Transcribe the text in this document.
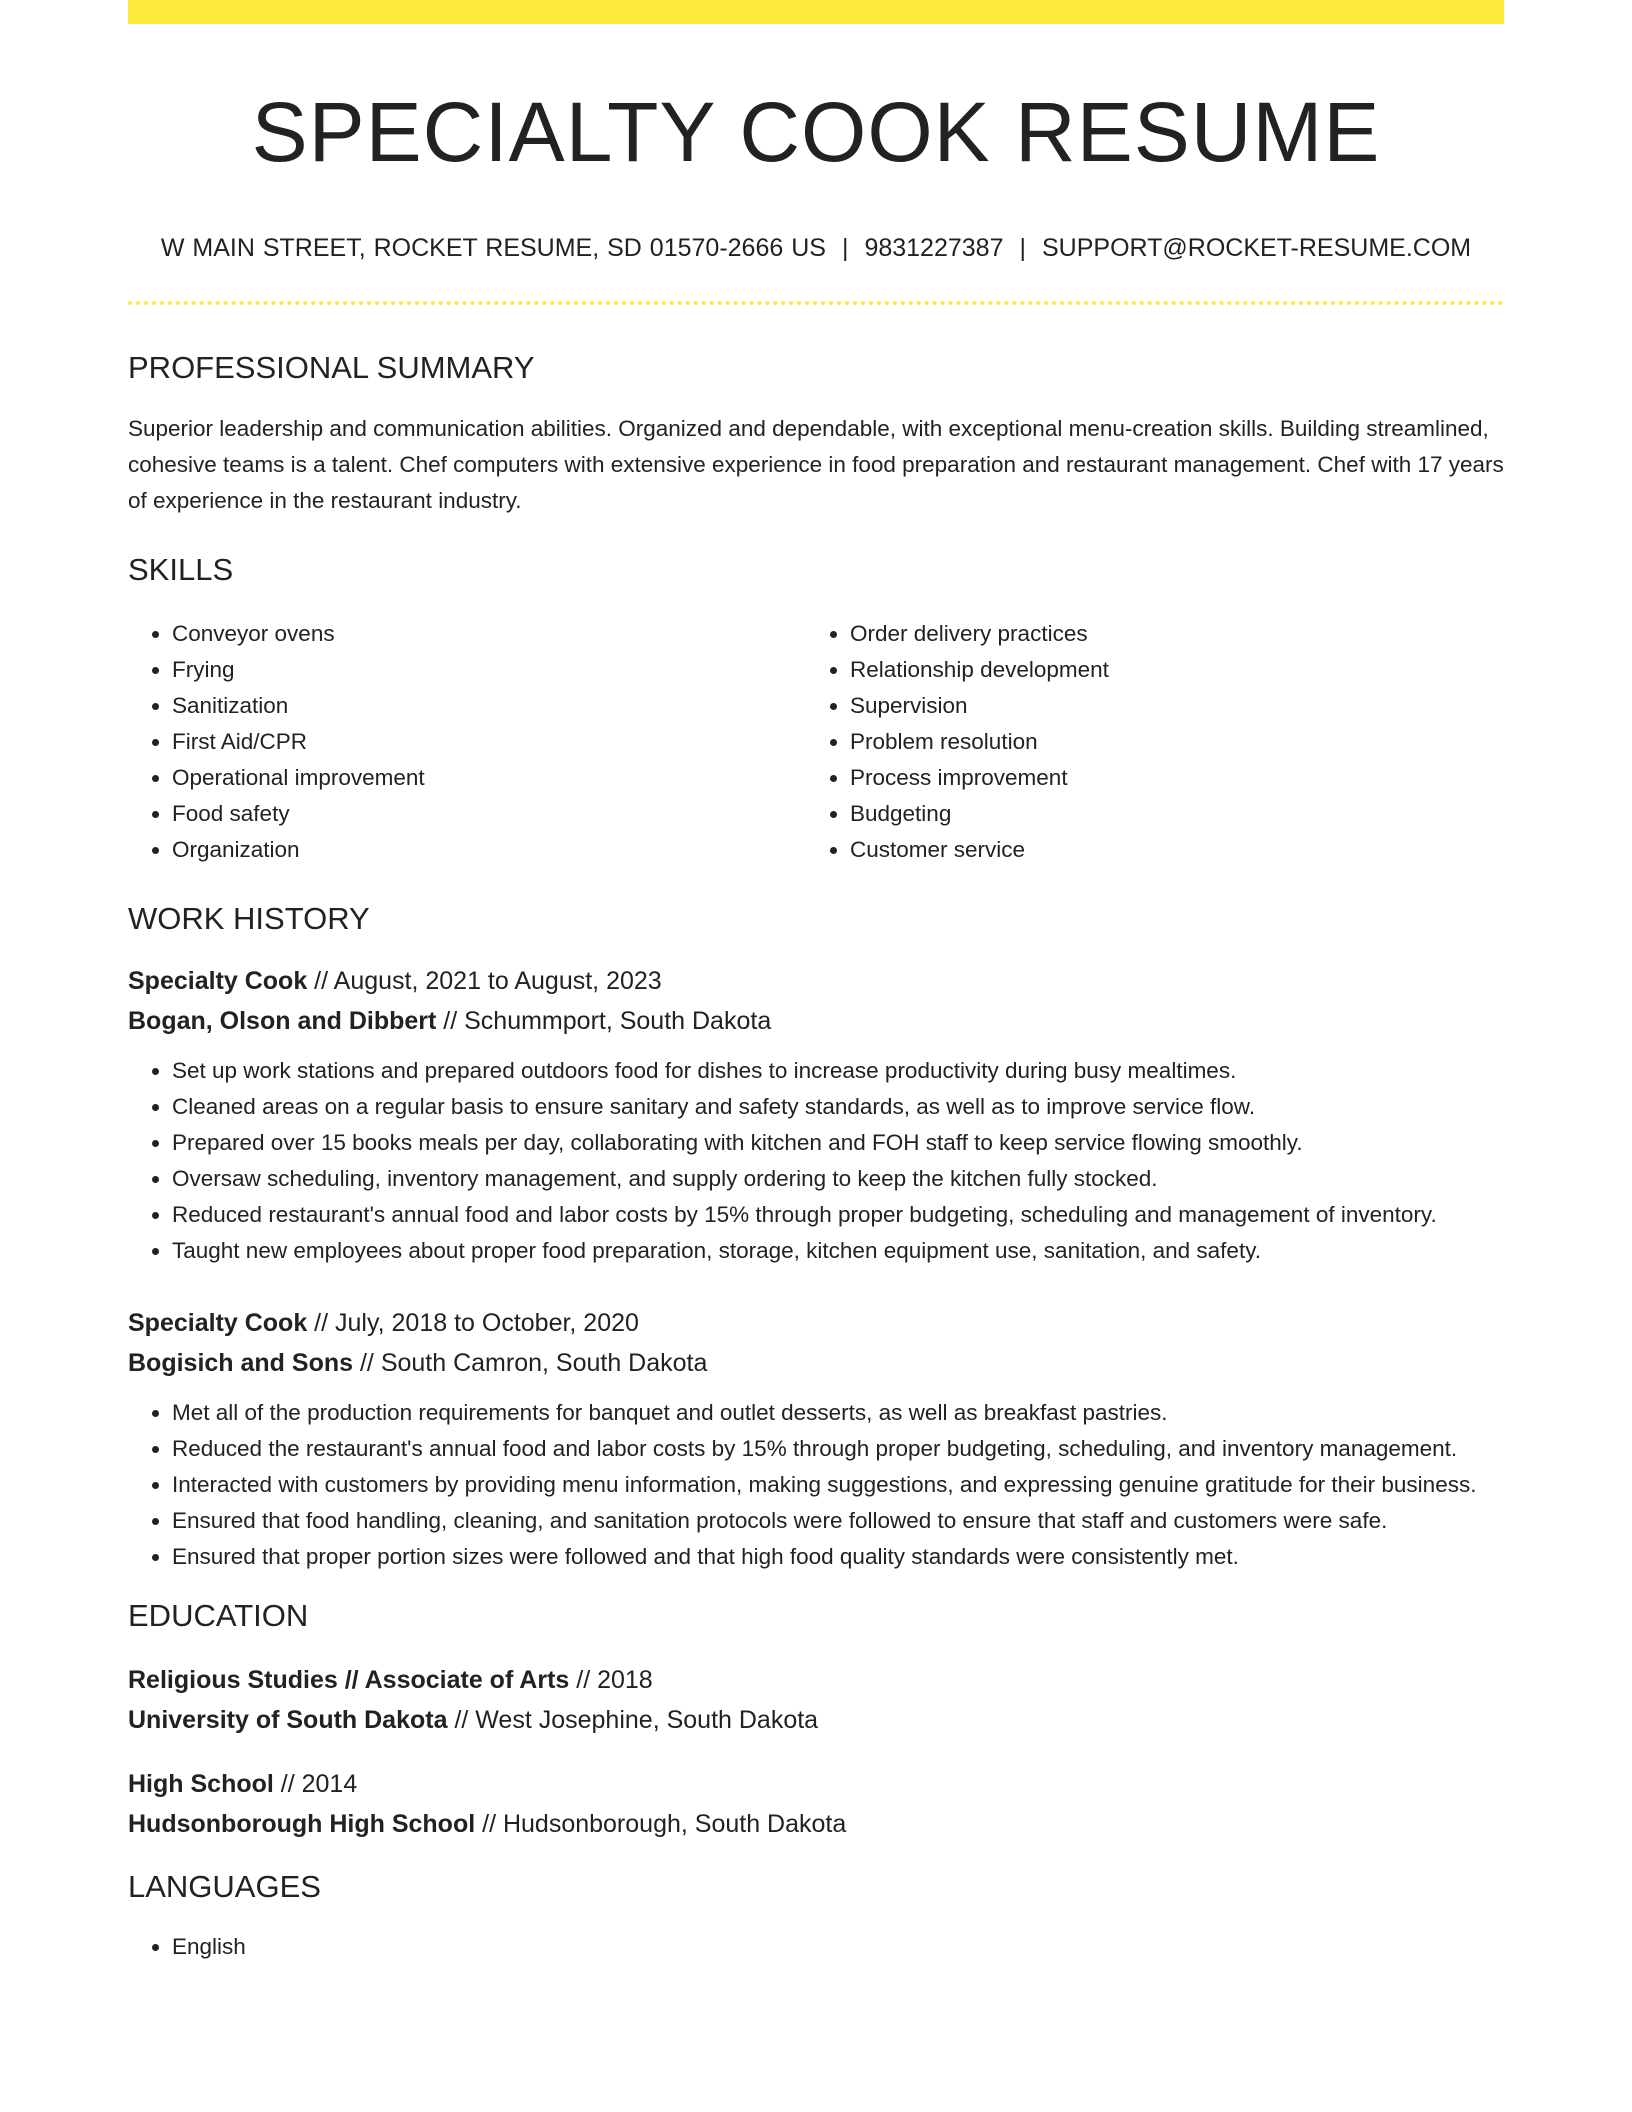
SPECIALTY COOK RESUME
W MAIN STREET, ROCKET RESUME, SD 01570-2666 US | 9831227387 | SUPPORT@ROCKET-RESUME.COM
PROFESSIONAL SUMMARY
Superior leadership and communication abilities. Organized and dependable, with exceptional menu-creation skills. Building streamlined, cohesive teams is a talent. Chef computers with extensive experience in food preparation and restaurant management. Chef with 17 years of experience in the restaurant industry.
SKILLS
• Conveyor ovens
• Frying
• Sanitization
• First Aid/CPR
• Operational improvement
• Food safety
• Organization
• Order delivery practices
• Relationship development
• Supervision
• Problem resolution
• Process improvement
• Budgeting
• Customer service
WORK HISTORY
Specialty Cook // August, 2021 to August, 2023
Bogan, Olson and Dibbert // Schummport, South Dakota
• Set up work stations and prepared outdoors food for dishes to increase productivity during busy mealtimes.
• Cleaned areas on a regular basis to ensure sanitary and safety standards, as well as to improve service flow.
• Prepared over 15 books meals per day, collaborating with kitchen and FOH staff to keep service flowing smoothly.
• Oversaw scheduling, inventory management, and supply ordering to keep the kitchen fully stocked.
• Reduced restaurant's annual food and labor costs by 15% through proper budgeting, scheduling and management of inventory.
• Taught new employees about proper food preparation, storage, kitchen equipment use, sanitation, and safety.
Specialty Cook // July, 2018 to October, 2020
Bogisich and Sons // South Camron, South Dakota
• Met all of the production requirements for banquet and outlet desserts, as well as breakfast pastries.
• Reduced the restaurant's annual food and labor costs by 15% through proper budgeting, scheduling, and inventory management.
• Interacted with customers by providing menu information, making suggestions, and expressing genuine gratitude for their business.
• Ensured that food handling, cleaning, and sanitation protocols were followed to ensure that staff and customers were safe.
• Ensured that proper portion sizes were followed and that high food quality standards were consistently met.
EDUCATION
Religious Studies // Associate of Arts // 2018
University of South Dakota // West Josephine, South Dakota
High School // 2014
Hudsonborough High School // Hudsonborough, South Dakota
LANGUAGES
• English
